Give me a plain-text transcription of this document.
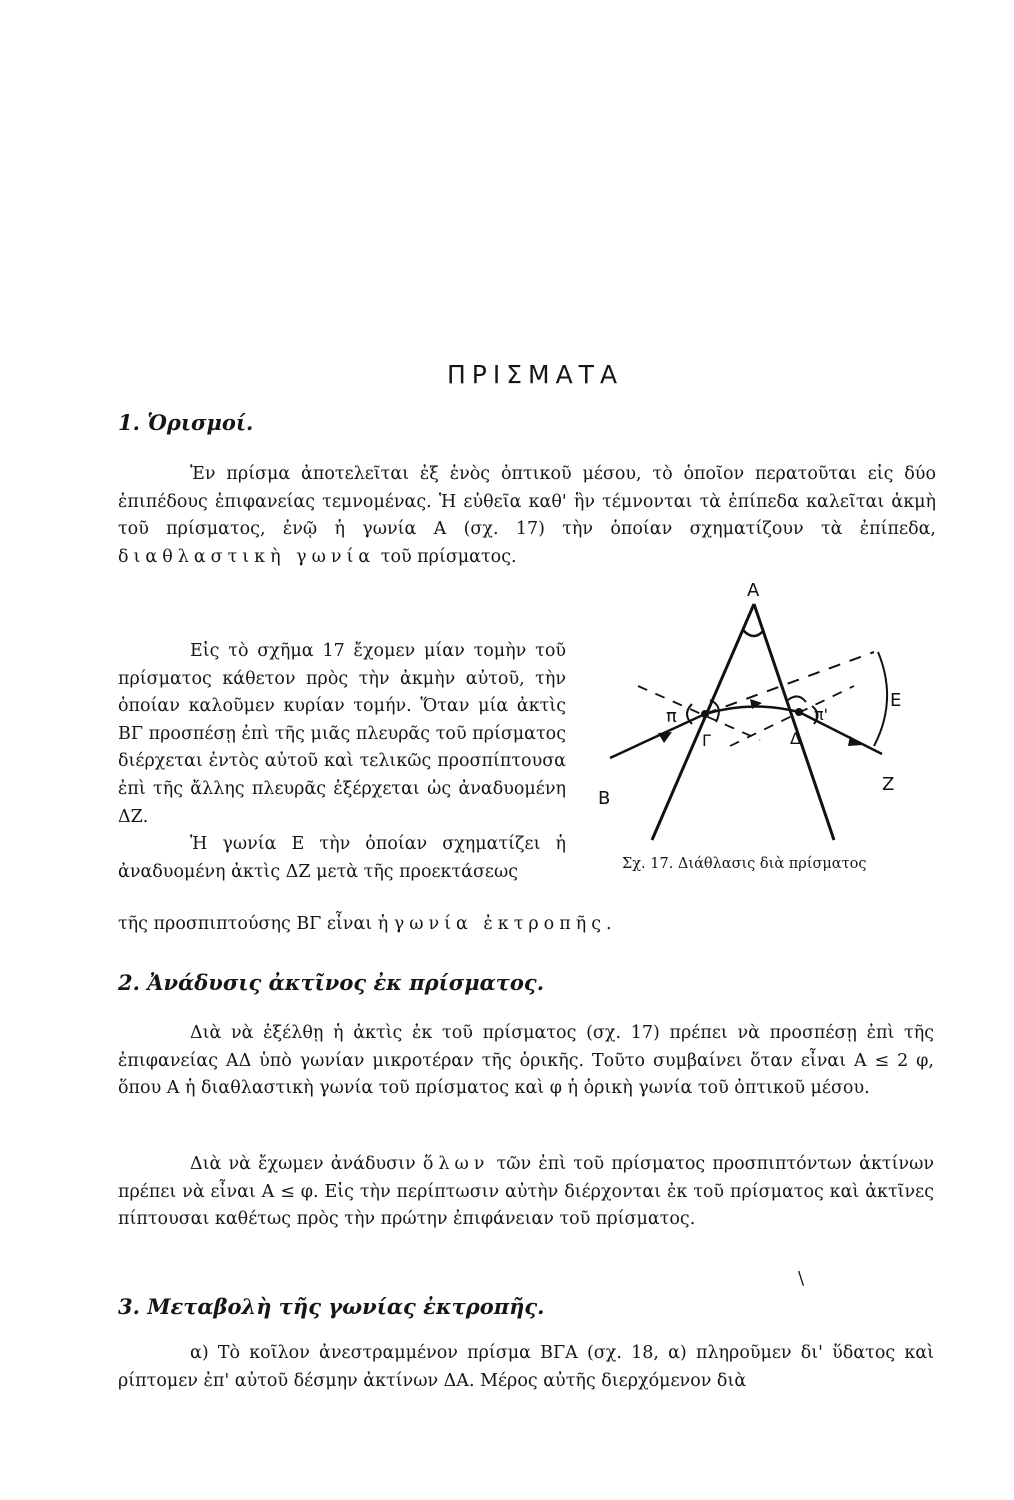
ΠΡΙΣΜΑΤΑ
1. Ὁρισμοί.

Ἐν πρίσμα ἀποτελεῖται ἐξ ἑνὸς ὀπτικοῦ μέσου, τὸ ὁποῖον περατοῦται εἰς δύο ἐπιπέδους ἐπιφανείας τεμνομένας. Ἡ εὐθεῖα καθ' ἣν τέμνονται τὰ ἐπίπεδα καλεῖται ἀκμὴ τοῦ πρίσματος, ἐνῷ ἡ γωνία Α (σχ. 17) τὴν ὁποίαν σχηματίζουν τὰ ἐπίπεδα, διαθλαστικὴ γωνία τοῦ πρίσματος.

Εἰς τὸ σχῆμα 17 ἔχομεν μίαν τομὴν τοῦ πρίσματος κάθετον πρὸς τὴν ἀκμὴν αὐτοῦ, τὴν ὁποίαν καλοῦμεν κυρίαν τομήν. Ὅταν μία ἀκτὶς ΒΓ προσπέσῃ ἐπὶ τῆς μιᾶς πλευρᾶς τοῦ πρίσματος διέρχεται ἐντὸς αὐτοῦ καὶ τελικῶς προσπίπτουσα ἐπὶ τῆς ἄλλης πλευρᾶς ἐξέρχεται ὡς ἀναδυομένη ΔΖ.

Ἡ γωνία Ε τὴν ὁποίαν σχηματίζει ἡ ἀναδυομένη ἀκτὶς ΔΖ μετὰ τῆς προεκτάσεως

τῆς προσπιπτούσης ΒΓ εἶναι ἡ γωνία ἐκτροπῆς.
Α
Β
Γ	Δ
Ε
Ζ
π	π'
Σχ. 17. Διάθλασις διὰ πρίσματος
2. Ἀνάδυσις ἀκτῖνος ἐκ πρίσματος.

Διὰ νὰ ἐξέλθῃ ἡ ἀκτὶς ἐκ τοῦ πρίσματος (σχ. 17) πρέπει νὰ προσπέσῃ ἐπὶ τῆς ἐπιφανείας ΑΔ ὑπὸ γωνίαν μικροτέραν τῆς ὁρικῆς. Τοῦτο συμβαίνει ὅταν εἶναι Α ≤ 2 φ, ὅπου Α ἡ διαθλαστικὴ γωνία τοῦ πρίσματος καὶ φ ἡ ὁρικὴ γωνία τοῦ ὀπτικοῦ μέσου.

Διὰ νὰ ἔχωμεν ἀνάδυσιν ὅλων τῶν ἐπὶ τοῦ πρίσματος προσπιπτόντων ἀκτίνων πρέπει νὰ εἶναι Α ≤ φ. Εἰς τὴν περίπτωσιν αὐτὴν διέρχονται ἐκ τοῦ πρίσματος καὶ ἀκτῖνες πίπτουσαι καθέτως πρὸς τὴν πρώτην ἐπιφάνειαν τοῦ πρίσματος.

\
3. Μεταβολὴ τῆς γωνίας ἐκτροπῆς.

α) Τὸ κοῖλον ἀνεστραμμένον πρίσμα ΒΓΑ (σχ. 18, α) πληροῦμεν δι' ὕδατος καὶ ρίπτομεν ἐπ' αὐτοῦ δέσμην ἀκτίνων ΔΑ. Μέρος αὐτῆς διερχόμενον διὰ
